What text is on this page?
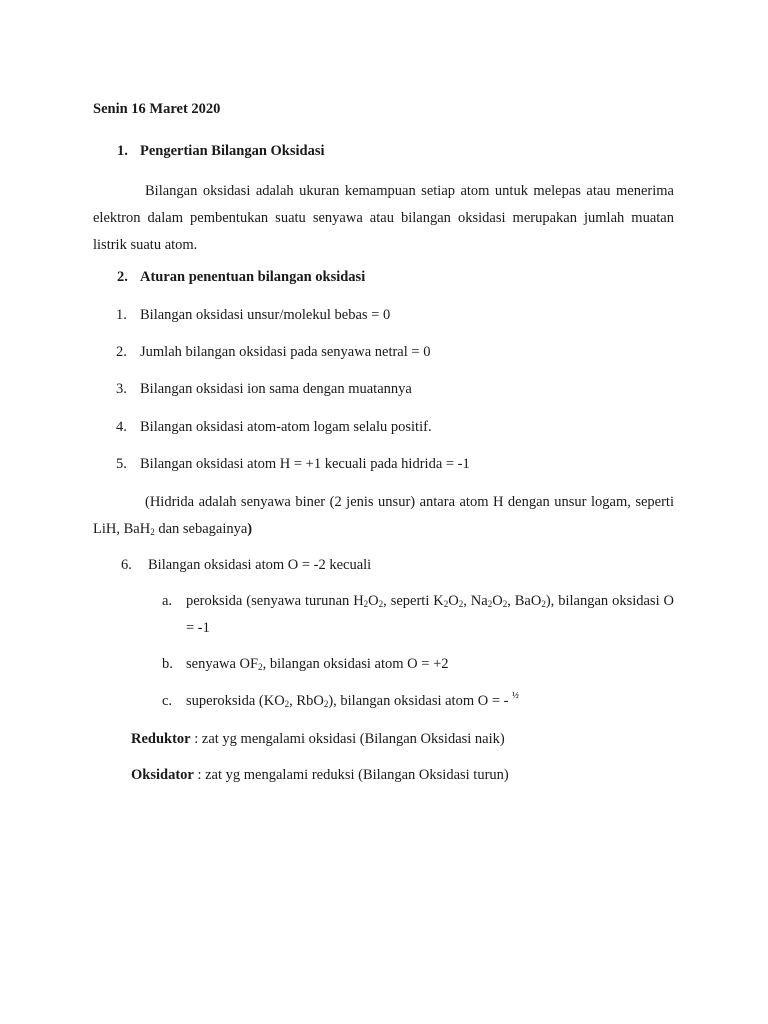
Senin 16 Maret 2020
1. Pengertian Bilangan Oksidasi
Bilangan oksidasi adalah ukuran kemampuan setiap atom untuk melepas atau menerima elektron dalam pembentukan suatu senyawa atau bilangan oksidasi merupakan jumlah muatan listrik suatu atom.
2. Aturan penentuan bilangan oksidasi
1. Bilangan oksidasi unsur/molekul bebas = 0
2. Jumlah bilangan oksidasi pada senyawa netral = 0
3. Bilangan oksidasi ion sama dengan muatannya
4. Bilangan oksidasi atom-atom logam selalu positif.
5. Bilangan oksidasi atom H = +1 kecuali pada hidrida = -1
(Hidrida adalah senyawa biner (2 jenis unsur) antara atom H dengan unsur logam, seperti LiH, BaH$_2$ dan sebagainya)
6. Bilangan oksidasi atom O = -2 kecuali
a. peroksida (senyawa turunan $H_2O_2$, seperti $K_2O_2$, $Na_2O_2$, BaO$_2$), bilangan oksidasi O = -1
b. senyawa $OF_2$, bilangan oksidasi atom O = +2
c. superoksida ($KO_2$, RbO$_2$), bilangan oksidasi atom O = - $^{\frac{1}{2}}$
Reduktor : zat yg mengalami oksidasi (Bilangan Oksidasi naik)
Oksidator : zat yg mengalami reduksi (Bilangan Oksidasi turun)
